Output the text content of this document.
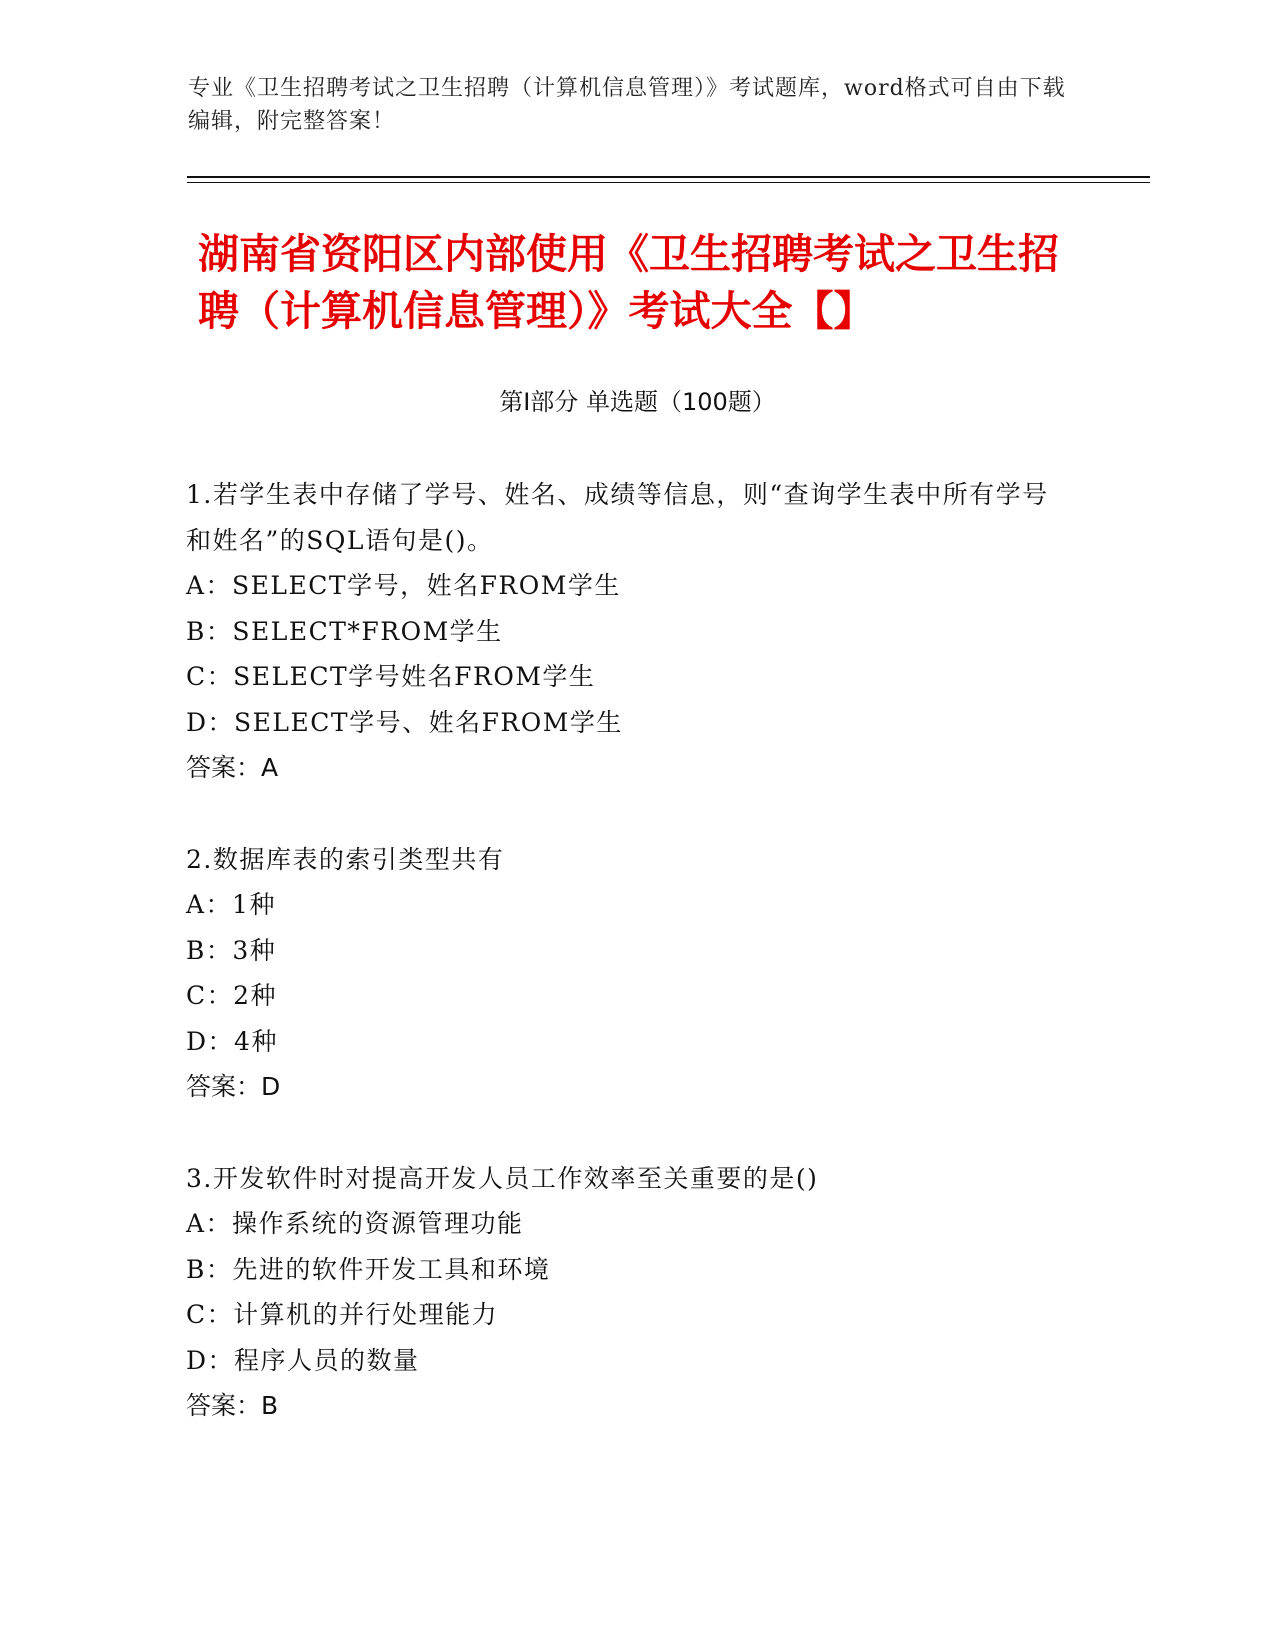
专业《卫生招聘考试之卫生招聘（计算机信息管理）》考试题库，word格式可自由下载编辑，附完整答案！
湖南省资阳区内部使用《卫生招聘考试之卫生招聘（计算机信息管理）》考试大全【】
第Ⅰ部分 单选题（100题）
1.若学生表中存储了学号、姓名、成绩等信息，则“查询学生表中所有学号和姓名”的SQL语句是()。
A：SELECT学号，姓名FROM学生
B：SELECT*FROM学生
C：SELECT学号姓名FROM学生
D：SELECT学号、姓名FROM学生
答案：A
2.数据库表的索引类型共有
A：1种
B：3种
C：2种
D：4种
答案：D
3.开发软件时对提高开发人员工作效率至关重要的是()
A：操作系统的资源管理功能
B：先进的软件开发工具和环境
C：计算机的并行处理能力
D：程序人员的数量
答案：B
